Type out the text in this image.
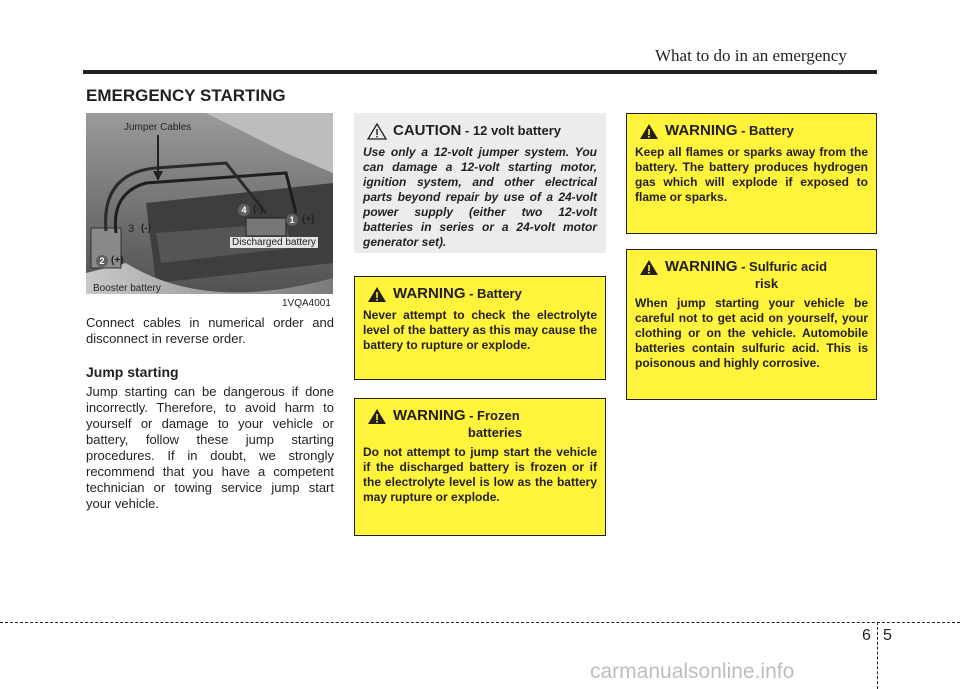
What to do in an emergency
EMERGENCY STARTING
Jumper Cables
Discharged battery
Booster battery
1VQA4001
1 (+)
2 (+)
3 (-)
4 (-)
Connect cables in numerical order and disconnect in reverse order.
Jump starting
Jump starting can be dangerous if done incorrectly. Therefore, to avoid harm to yourself or damage to your vehicle or battery, follow these jump starting procedures. If in doubt, we strongly recommend that you have a competent technician or towing service jump start your vehicle.
CAUTION - 12 volt battery
Use only a 12-volt jumper system. You can damage a 12-volt starting motor, ignition system, and other electrical parts beyond repair by use of a 24-volt power supply (either two 12-volt batteries in series or a 24-volt motor generator set).
WARNING - Battery
Never attempt to check the electrolyte level of the battery as this may cause the battery to rupture or explode.
WARNING - Frozen
batteries
Do not attempt to jump start the vehicle if the discharged battery is frozen or if the electrolyte level is low as the battery may rupture or explode.
WARNING - Battery
Keep all flames or sparks away from the battery. The battery produces hydrogen gas which will explode if exposed to flame or sparks.
WARNING - Sulfuric acid
risk
When jump starting your vehicle be careful not to get acid on yourself, your clothing or on the vehicle. Automobile batteries contain sulfuric acid. This is poisonous and highly corrosive.
6 5
carmanualsonline.info
